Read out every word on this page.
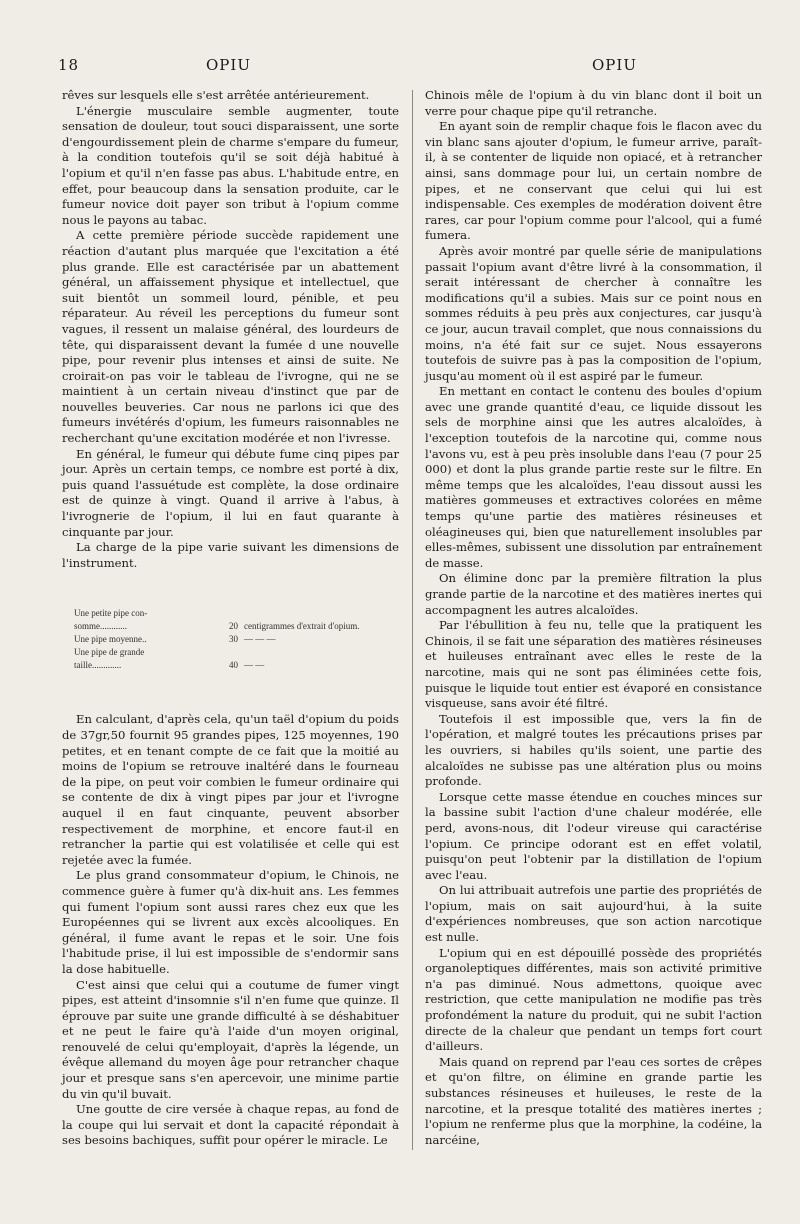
18	OPIU	OPIU

rêves sur lesquels elle s'est arrêtée antérieurement.

L'énergie musculaire semble augmenter, toute sensation de douleur, tout souci disparaissent, une sorte d'engourdissement plein de charme s'empare du fumeur, à la condition toutefois qu'il se soit déjà habitué à l'opium et qu'il n'en fasse pas abus. L'habitude entre, en effet, pour beaucoup dans la sensation produite, car le fumeur novice doit payer son tribut à l'opium comme nous le payons au tabac.

A cette première période succède rapidement une réaction d'autant plus marquée que l'excitation a été plus grande. Elle est caractérisée par un abattement général, un affaissement physique et intellectuel, que suit bientôt un sommeil lourd, pénible, et peu réparateur. Au réveil les perceptions du fumeur sont vagues, il ressent un malaise général, des lourdeurs de tête, qui disparaissent devant la fumée d une nouvelle pipe, pour revenir plus intenses et ainsi de suite. Ne croirait-on pas voir le tableau de l'ivrogne, qui ne se maintient à un certain niveau d'instinct que par de nouvelles beuveries. Car nous ne parlons ici que des fumeurs invétérés d'opium, les fumeurs raisonnables ne recherchant qu'une excitation modérée et non l'ivresse.

En général, le fumeur qui débute fume cinq pipes par jour. Après un certain temps, ce nombre est porté à dix, puis quand l'assuétude est complète, la dose ordinaire est de quinze à vingt. Quand il arrive à l'abus, à l'ivrognerie de l'opium, il lui en faut quarante à cinquante par jour.

La charge de la pipe varie suivant les dimensions de l'instrument.

Une petite pipe con-
somme............	20 centigrammes d'extrait d'opium.
Une pipe moyenne..	30 — — —
Une pipe de grande
taille.............	40 — —

En calculant, d'après cela, qu'un taël d'opium du poids de 37gr,50 fournit 95 grandes pipes, 125 moyennes, 190 petites, et en tenant compte de ce fait que la moitié au moins de l'opium se retrouve inaltéré dans le fourneau de la pipe, on peut voir combien le fumeur ordinaire qui se contente de dix à vingt pipes par jour et l'ivrogne auquel il en faut cinquante, peuvent absorber respectivement de morphine, et encore faut-il en retrancher la partie qui est volatilisée et celle qui est rejetée avec la fumée.

Le plus grand consommateur d'opium, le Chinois, ne commence guère à fumer qu'à dix-huit ans. Les femmes qui fument l'opium sont aussi rares chez eux que les Européennes qui se livrent aux excès alcooliques. En général, il fume avant le repas et le soir. Une fois l'habitude prise, il lui est impossible de s'endormir sans la dose habituelle.

C'est ainsi que celui qui a coutume de fumer vingt pipes, est atteint d'insomnie s'il n'en fume que quinze. Il éprouve par suite une grande difficulté à se déshabituer et ne peut le faire qu'à l'aide d'un moyen original, renouvelé de celui qu'employait, d'après la légende, un évêque allemand du moyen âge pour retrancher chaque jour et presque sans s'en apercevoir, une minime partie du vin qu'il buvait.

Une goutte de cire versée à chaque repas, au fond de la coupe qui lui servait et dont la capacité répondait à ses besoins bachiques, suffit pour opérer le miracle. Le

Chinois mêle de l'opium à du vin blanc dont il boit un verre pour chaque pipe qu'il retranche.

En ayant soin de remplir chaque fois le flacon avec du vin blanc sans ajouter d'opium, le fumeur arrive, paraît-il, à se contenter de liquide non opiacé, et à retrancher ainsi, sans dommage pour lui, un certain nombre de pipes, et ne conservant que celui qui lui est indispensable. Ces exemples de modération doivent être rares, car pour l'opium comme pour l'alcool, qui a fumé fumera.

Après avoir montré par quelle série de manipulations passait l'opium avant d'être livré à la consommation, il serait intéressant de chercher à connaître les modifications qu'il a subies. Mais sur ce point nous en sommes réduits à peu près aux conjectures, car jusqu'à ce jour, aucun travail complet, que nous connaissions du moins, n'a été fait sur ce sujet. Nous essayerons toutefois de suivre pas à pas la composition de l'opium, jusqu'au moment où il est aspiré par le fumeur.

En mettant en contact le contenu des boules d'opium avec une grande quantité d'eau, ce liquide dissout les sels de morphine ainsi que les autres alcaloïdes, à l'exception toutefois de la narcotine qui, comme nous l'avons vu, est à peu près insoluble dans l'eau (7 pour 25 000) et dont la plus grande partie reste sur le filtre. En même temps que les alcaloïdes, l'eau dissout aussi les matières gommeuses et extractives colorées en même temps qu'une partie des matières résineuses et oléagineuses qui, bien que naturellement insolubles par elles-mêmes, subissent une dissolution par entraînement de masse.

On élimine donc par la première filtration la plus grande partie de la narcotine et des matières inertes qui accompagnent les autres alcaloïdes.

Par l'ébullition à feu nu, telle que la pratiquent les Chinois, il se fait une séparation des matières résineuses et huileuses entraînant avec elles le reste de la narcotine, mais qui ne sont pas éliminées cette fois, puisque le liquide tout entier est évaporé en consistance visqueuse, sans avoir été filtré.

Toutefois il est impossible que, vers la fin de l'opération, et malgré toutes les précautions prises par les ouvriers, si habiles qu'ils soient, une partie des alcaloïdes ne subisse pas une altération plus ou moins profonde.

Lorsque cette masse étendue en couches minces sur la bassine subit l'action d'une chaleur modérée, elle perd, avons-nous, dit l'odeur vireuse qui caractérise l'opium. Ce principe odorant est en effet volatil, puisqu'on peut l'obtenir par la distillation de l'opium avec l'eau.

On lui attribuait autrefois une partie des propriétés de l'opium, mais on sait aujourd'hui, à la suite d'expériences nombreuses, que son action narcotique est nulle.

L'opium qui en est dépouillé possède des propriétés organoleptiques différentes, mais son activité primitive n'a pas diminué. Nous admettons, quoique avec restriction, que cette manipulation ne modifie pas très profondément la nature du produit, qui ne subit l'action directe de la chaleur que pendant un temps fort court d'ailleurs.

Mais quand on reprend par l'eau ces sortes de crêpes et qu'on filtre, on élimine en grande partie les substances résineuses et huileuses, le reste de la narcotine, et la presque totalité des matières inertes ; l'opium ne renferme plus que la morphine, la codéine, la narcéine,
